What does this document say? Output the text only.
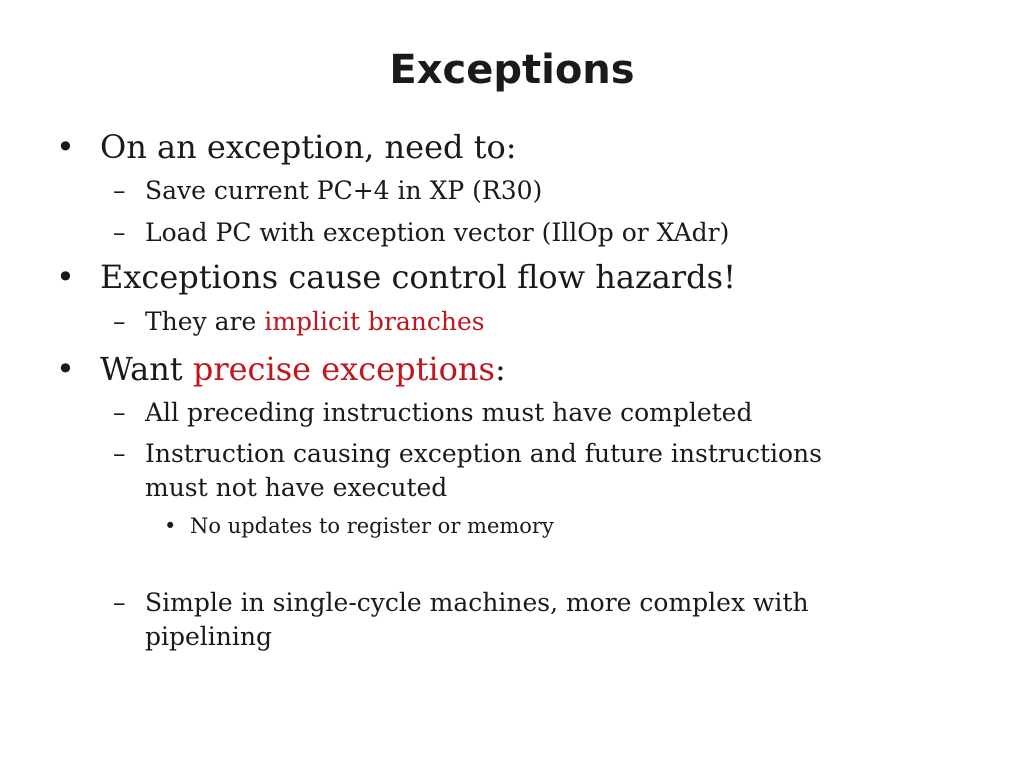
Exceptions
• On an exception, need to:
– Save current PC+4 in XP (R30)
– Load PC with exception vector (IllOp or XAdr)
• Exceptions cause control flow hazards!
– They are implicit branches
• Want precise exceptions:
– All preceding instructions must have completed
– Instruction causing exception and future instructions
must not have executed
• No updates to register or memory
– Simple in single-cycle machines, more complex with
pipelining
